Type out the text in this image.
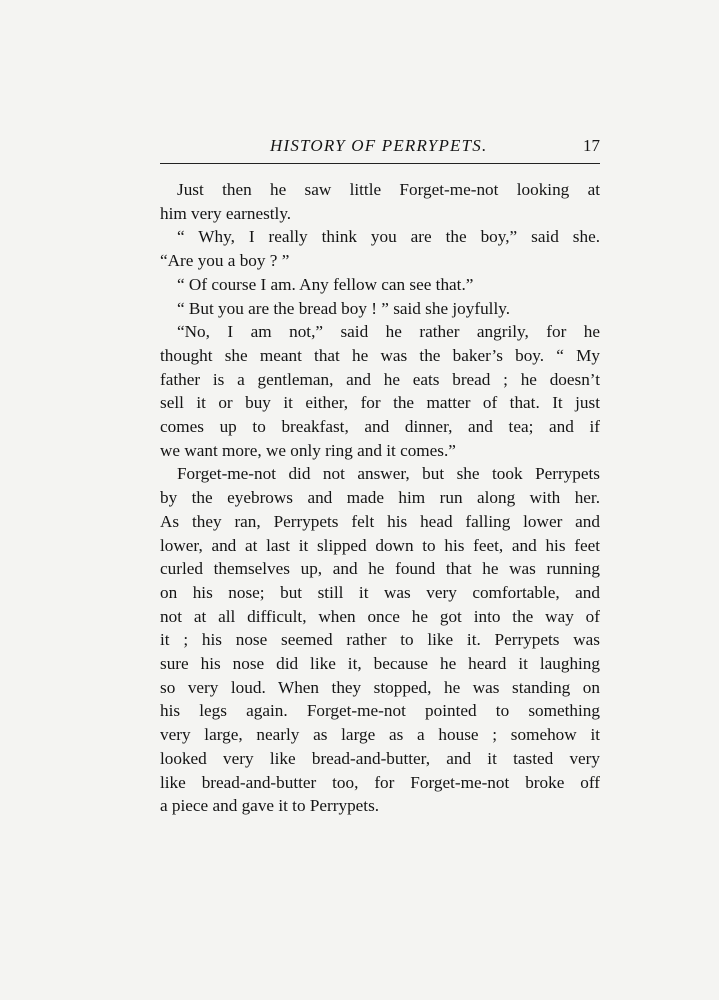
HISTORY OF PERRYPETS.	17
Just then he saw little Forget-me-not looking at
him very earnestly.
“ Why, I really think you are the boy,” said she.
“Are you a boy ? ”
“ Of course I am. Any fellow can see that.”
“ But you are the bread boy ! ” said she joyfully.
“No, I am not,” said he rather angrily, for he
thought she meant that he was the baker’s boy. “ My
father is a gentleman, and he eats bread ; he doesn’t
sell it or buy it either, for the matter of that. It just
comes up to breakfast, and dinner, and tea; and if
we want more, we only ring and it comes.”
Forget-me-not did not answer, but she took Perrypets
by the eyebrows and made him run along with her.
As they ran, Perrypets felt his head falling lower and
lower, and at last it slipped down to his feet, and his feet
curled themselves up, and he found that he was running
on his nose; but still it was very comfortable, and
not at all difficult, when once he got into the way of
it ; his nose seemed rather to like it. Perrypets was
sure his nose did like it, because he heard it laughing
so very loud. When they stopped, he was standing on
his legs again. Forget-me-not pointed to something
very large, nearly as large as a house ; somehow it
looked very like bread-and-butter, and it tasted very
like bread-and-butter too, for Forget-me-not broke off
a piece and gave it to Perrypets.
